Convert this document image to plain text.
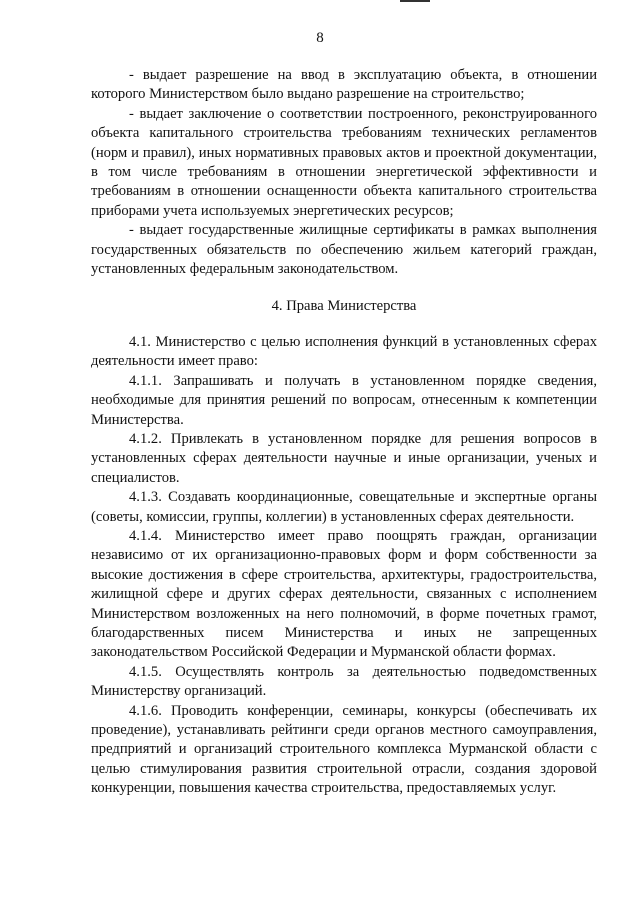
8

- выдает разрешение на ввод в эксплуатацию объекта, в отношении которого Министерством было выдано разрешение на строительство;

- выдает заключение о соответствии построенного, реконструированного объекта капитального строительства требованиям технических регламентов (норм и правил), иных нормативных правовых актов и проектной документации, в том числе требованиям в отношении энергетической эффективности и требованиям в отношении оснащенности объекта капитального строительства приборами учета используемых энергетических ресурсов;

- выдает государственные жилищные сертификаты в рамках выполнения государственных обязательств по обеспечению жильем категорий граждан, установленных федеральным законодательством.

4. Права Министерства

4.1. Министерство с целью исполнения функций в установленных сферах деятельности имеет право:

4.1.1. Запрашивать и получать в установленном порядке сведения, необходимые для принятия решений по вопросам, отнесенным к компетенции Министерства.

4.1.2. Привлекать в установленном порядке для решения вопросов в установленных сферах деятельности научные и иные организации, ученых и специалистов.

4.1.3. Создавать координационные, совещательные и экспертные органы (советы, комиссии, группы, коллегии) в установленных сферах деятельности.

4.1.4. Министерство имеет право поощрять граждан, организации независимо от их организационно-правовых форм и форм собственности за высокие достижения в сфере строительства, архитектуры, градостроительства, жилищной сфере и других сферах деятельности, связанных с исполнением Министерством возложенных на него полномочий, в форме почетных грамот, благодарственных писем Министерства и иных не запрещенных законодательством Российской Федерации и Мурманской области формах.

4.1.5. Осуществлять контроль за деятельностью подведомственных Министерству организаций.

4.1.6. Проводить конференции, семинары, конкурсы (обеспечивать их проведение), устанавливать рейтинги среди органов местного самоуправления, предприятий и организаций строительного комплекса Мурманской области с целью стимулирования развития строительной отрасли, создания здоровой конкуренции, повышения качества строительства, предоставляемых услуг.
